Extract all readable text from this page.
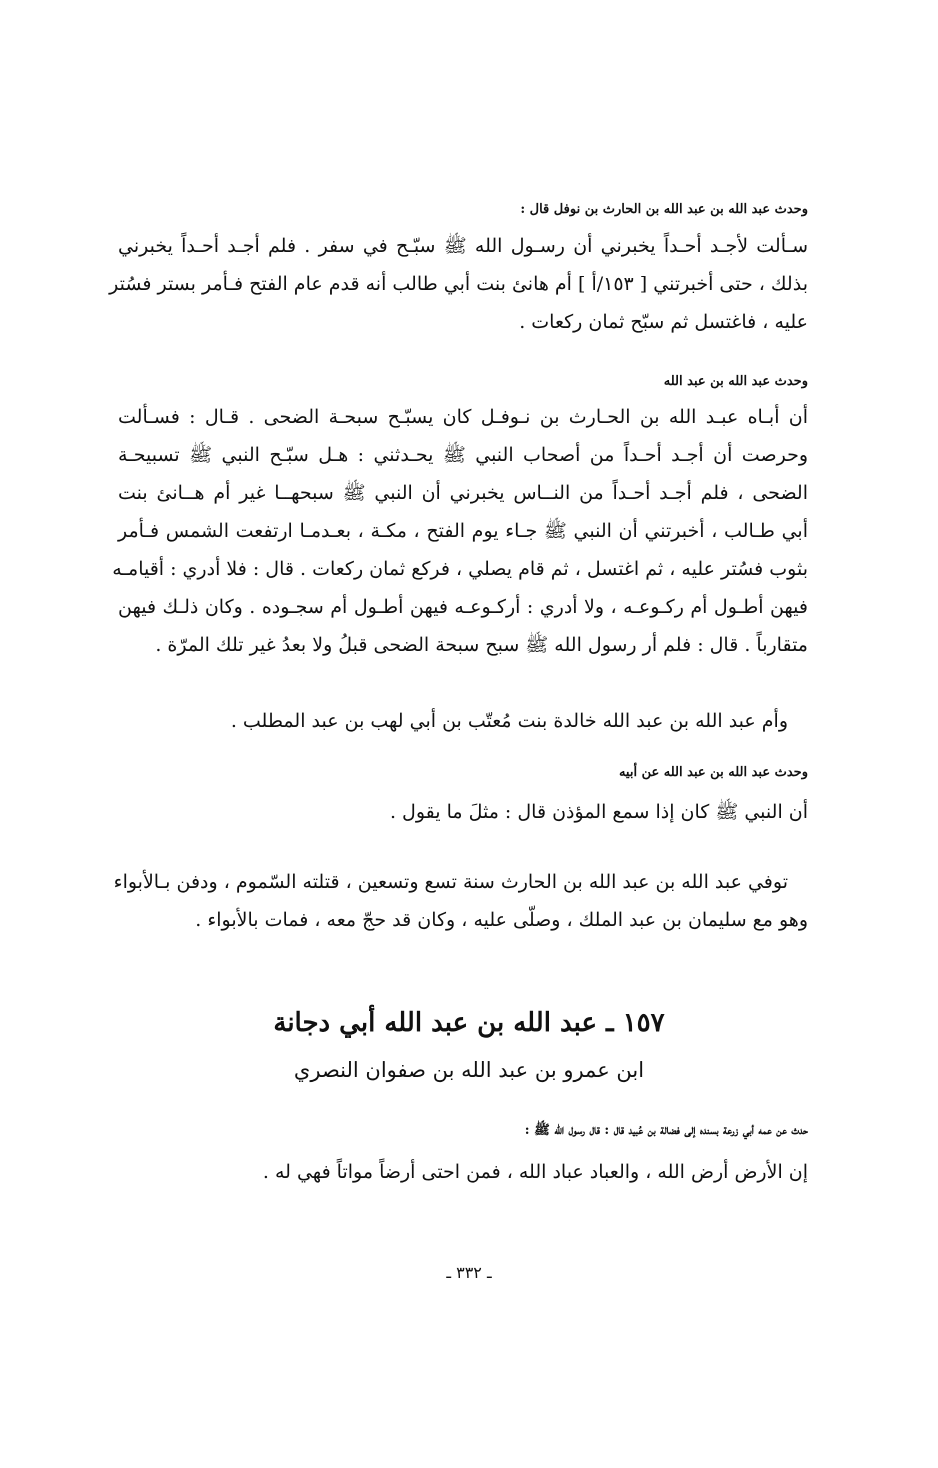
وحدث عبد الله بن عبد الله بن الحارث بن نوفل قال :
سـألت لأجـد أحـداً يخبرني أن رسـول الله ﷺ سبّـح في سفر . فلم أجـد أحـداً يخبرني
بذلك ، حتى أخبرتني [ ١٥٣/أ ] أم هانئ بنت أبي طالب أنه قدم عام الفتح فـأمر بستر فسُتر
عليه ، فاغتسل ثم سبّح ثمان ركعات .
وحدث عبد الله بن عبد الله
أن أبـاه عبـد الله بن الحـارث بن نـوفـل كان يسبّـح سبحـة الضحى . قـال : فسـألت
وحرصت أن أجـد أحـداً من أصحاب النبي ﷺ يحـدثني : هـل سبّـح النبي ﷺ تسبيحـة
الضحى ، فلم أجـد أحـداً من النــاس يخبرني أن النبي ﷺ سبحهــا غير أم هــانئ بنت
أبي طـالب ، أخبرتني أن النبي ﷺ جـاء يوم الفتح ، مكـة ، بعـدمـا ارتفعت الشمس فـأمر
بثوب فسُتر عليه ، ثم اغتسل ، ثم قام يصلي ، فركع ثمان ركعات . قال : فلا أدري : أقيامـه
فيهن أطـول أم ركـوعـه ، ولا أدري : أركـوعـه فيهن أطـول أم سجـوده . وكان ذلـك فيهن
متقارباً . قال : فلم أر رسول الله ﷺ سبح سبحة الضحى قبلُ ولا بعدُ غير تلك المرّة .
وأم عبد الله بن عبد الله خالدة بنت مُعتّب بن أبي لهب بن عبد المطلب .
وحدث عبد الله بن عبد الله عن أبيه
أن النبي ﷺ كان إذا سمع المؤذن قال : مثلَ ما يقول .
توفي عبد الله بن عبد الله بن الحارث سنة تسع وتسعين ، قتلته السّموم ، ودفن بـالأبواء
وهو مع سليمان بن عبد الملك ، وصلّى عليه ، وكان قد حجّ معه ، فمات بالأبواء .
١٥٧ ـ عبد الله بن عبد الله أبي دجانة
ابن عمرو بن عبد الله بن صفوان النصري
حدث عن عمه أبي زرعة بسنده إلى فضالة بن عُبيد قال : قال رسول الله ﷺ :
إن الأرض أرض الله ، والعباد عباد الله ، فمن احتى أرضاً مواتاً فهي له .
ـ ٣٣٢ ـ
